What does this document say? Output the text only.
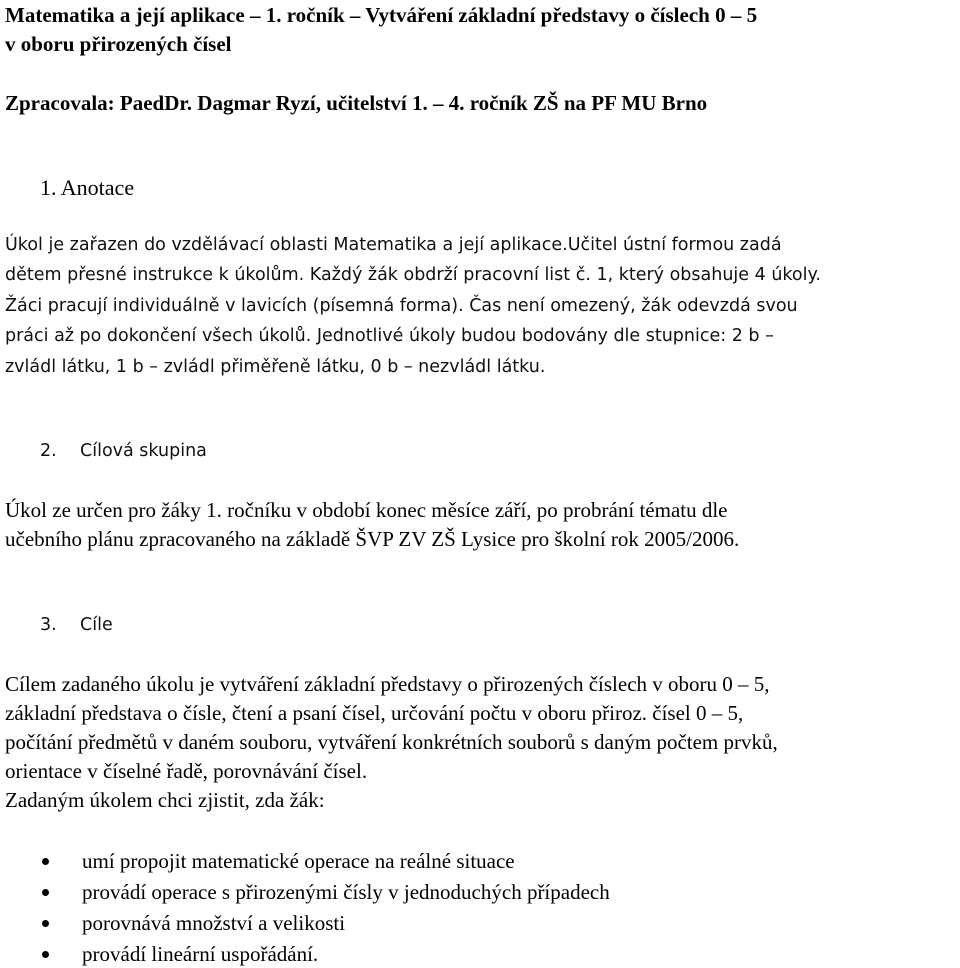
Matematika a její aplikace – 1. ročník – Vytváření základní představy o číslech 0 – 5
v oboru přirozených čísel
Zpracovala: PaedDr. Dagmar Ryzí, učitelství 1. – 4. ročník ZŠ na PF MU Brno
1. Anotace
Úkol je zařazen do vzdělávací oblasti Matematika a její aplikace.Učitel ústní formou zadá
dětem přesné instrukce k úkolům. Každý žák obdrží pracovní list č. 1, který obsahuje 4 úkoly.
Žáci pracují individuálně v lavicích (písemná forma). Čas není omezený, žák odevzdá svou
práci až po dokončení všech úkolů. Jednotlivé úkoly budou bodovány dle stupnice: 2 b –
zvládl látku, 1 b – zvládl přiměřeně látku, 0 b – nezvládl látku.
2. Cílová skupina
Úkol ze určen pro žáky 1. ročníku v období konec měsíce září, po probrání tématu dle
učebního plánu zpracovaného na základě ŠVP ZV ZŠ Lysice pro školní rok 2005/2006.
3. Cíle
Cílem zadaného úkolu je vytváření základní představy o přirozených číslech v oboru 0 – 5,
základní představa o čísle, čtení a psaní čísel, určování počtu v oboru přiroz. čísel 0 – 5,
počítání předmětů v daném souboru, vytváření konkrétních souborů s daným počtem prvků,
orientace v číselné řadě, porovnávání čísel.
Zadaným úkolem chci zjistit, zda žák:
umí propojit matematické operace na reálné situace
provádí operace s přirozenými čísly v jednoduchých případech
porovnává množství a velikosti
provádí lineární uspořádání.
